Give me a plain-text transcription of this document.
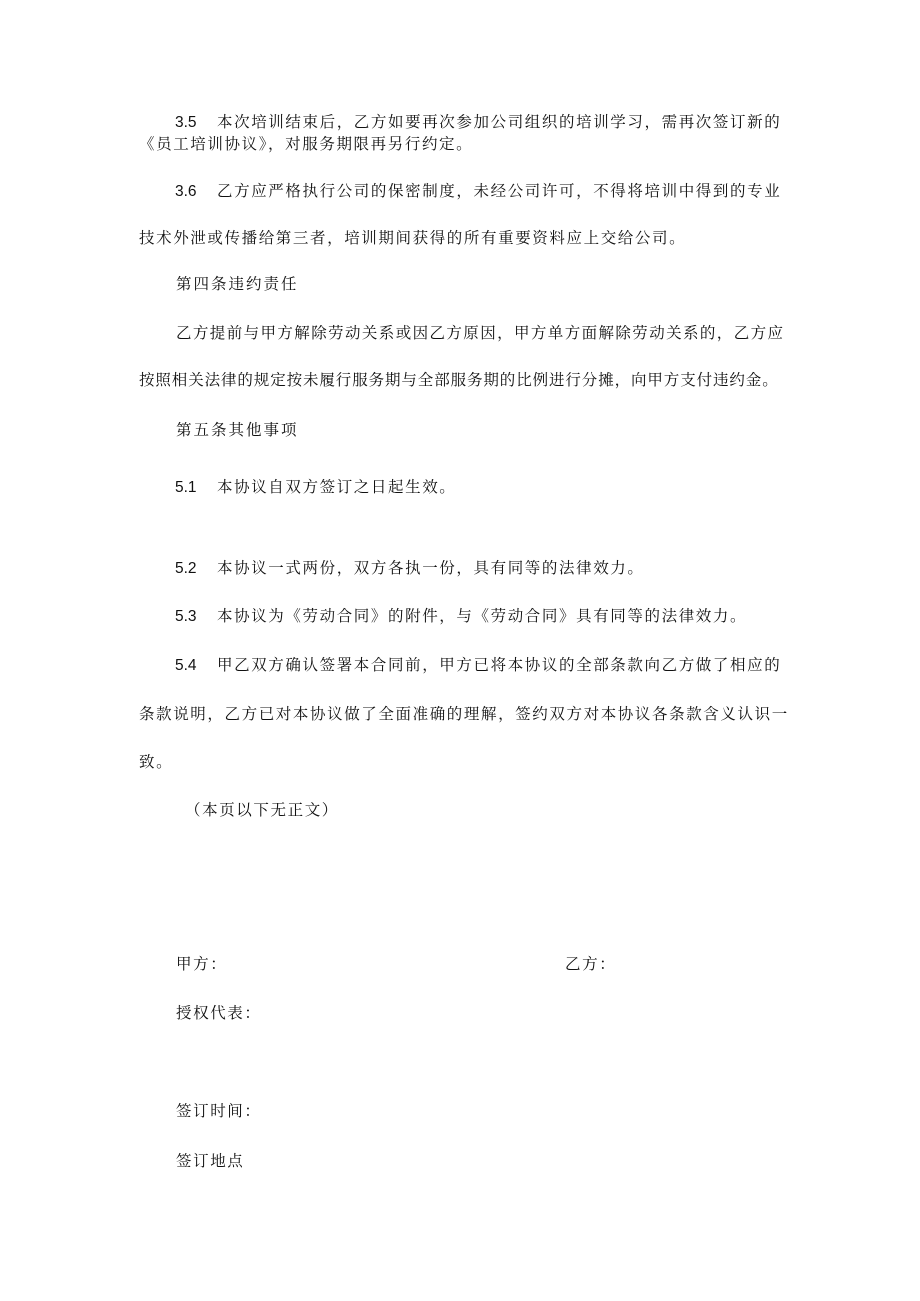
3.5 本次培训结束后，乙方如要再次参加公司组织的培训学习，需再次签订新的
《员工培训协议》，对服务期限再另行约定。
3.6 乙方应严格执行公司的保密制度，未经公司许可，不得将培训中得到的专业
技术外泄或传播给第三者，培训期间获得的所有重要资料应上交给公司。
第四条违约责任
乙方提前与甲方解除劳动关系或因乙方原因，甲方单方面解除劳动关系的，乙方应
按照相关法律的规定按未履行服务期与全部服务期的比例进行分摊，向甲方支付违约金。
第五条其他事项
5.1 本协议自双方签订之日起生效。
5.2 本协议一式两份，双方各执一份，具有同等的法律效力。
5.3 本协议为《劳动合同》的附件，与《劳动合同》具有同等的法律效力。
5.4 甲乙双方确认签署本合同前，甲方已将本协议的全部条款向乙方做了相应的
条款说明，乙方已对本协议做了全面准确的理解，签约双方对本协议各条款含义认识一
致。
（本页以下无正文）
甲方：	乙方：
授权代表：
签订时间：
签订地点
